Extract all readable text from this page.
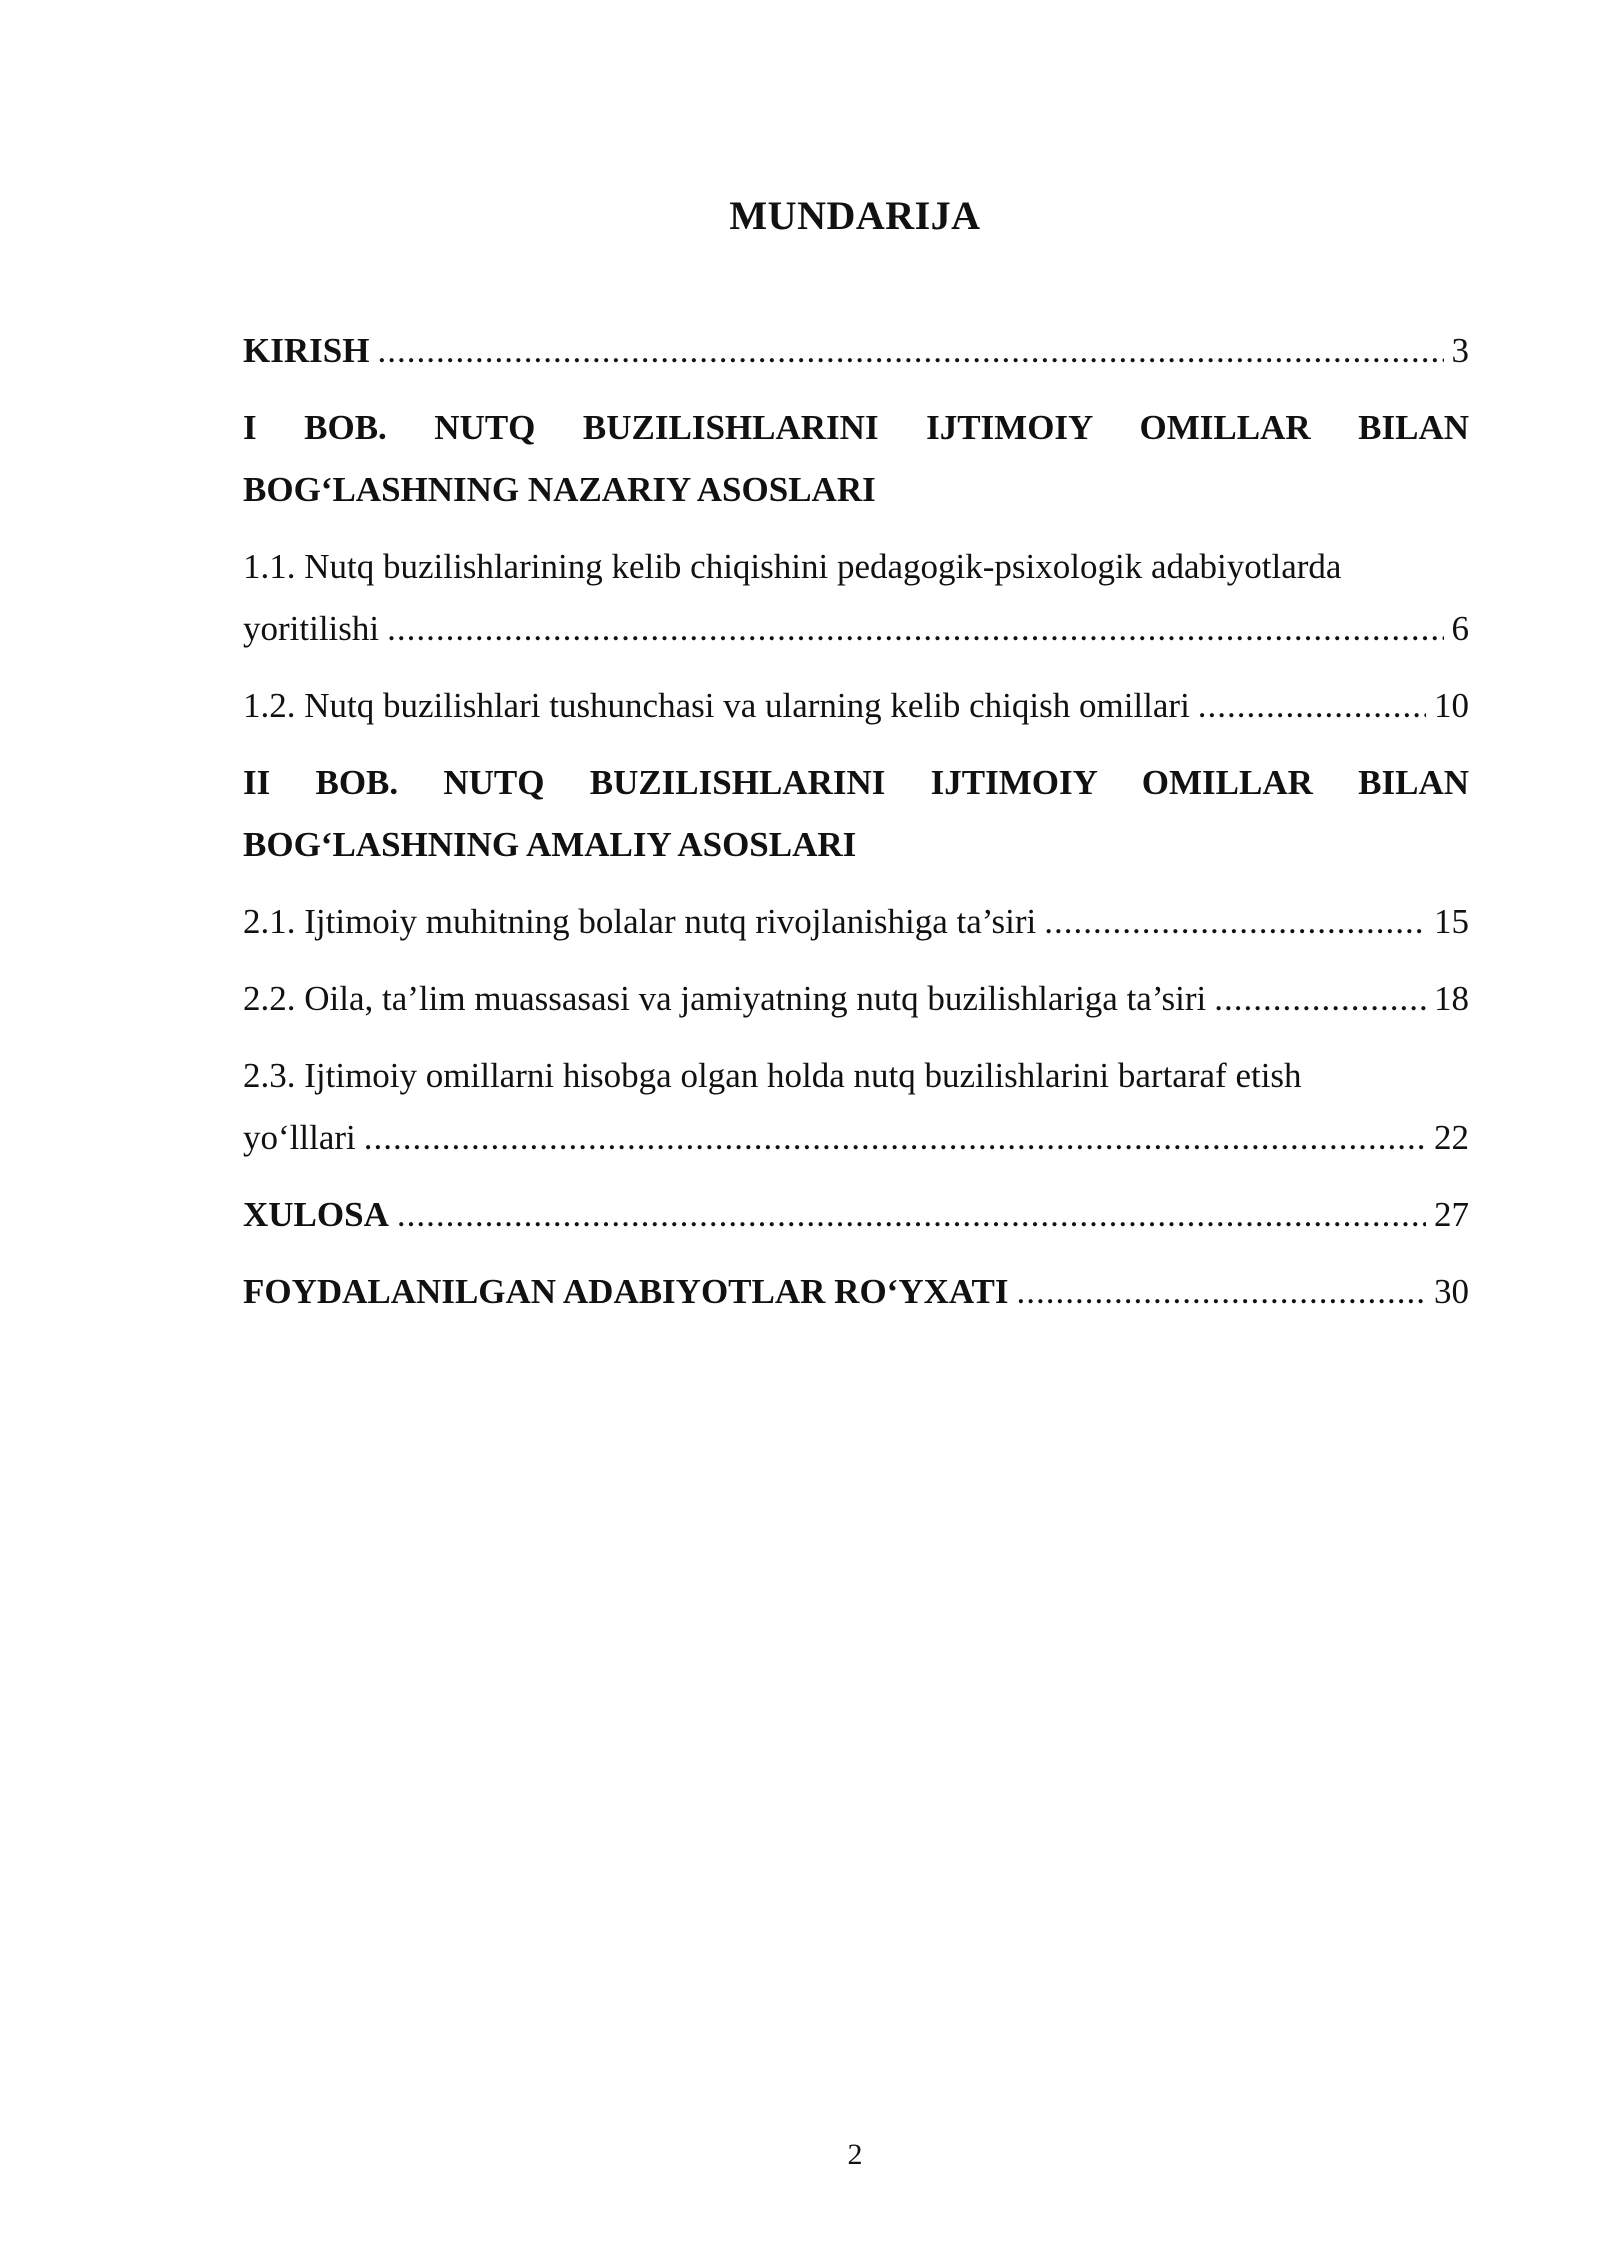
MUNDARIJA
KIRISH .....	3
I BOB. NUTQ BUZILISHLARINI IJTIMOIY OMILLAR BILAN
BOG‘LASHNING NAZARIY ASOSLARI
1.1. Nutq buzilishlarining kelib chiqishini pedagogik-psixologik adabiyotlarda
yoritilishi .....	6
1.2. Nutq buzilishlari tushunchasi va ularning kelib chiqish omillari .....	10
II BOB. NUTQ BUZILISHLARINI IJTIMOIY OMILLAR BILAN
BOG‘LASHNING AMALIY ASOSLARI
2.1. Ijtimoiy muhitning bolalar nutq rivojlanishiga ta’siri .....	15
2.2. Oila, ta’lim muassasasi va jamiyatning nutq buzilishlariga ta’siri .....	18
2.3. Ijtimoiy omillarni hisobga olgan holda nutq buzilishlarini bartaraf etish
yo‘lllari .....	22
XULOSA .....	27
FOYDALANILGAN ADABIYOTLAR RO‘YXATI .....	30
2
